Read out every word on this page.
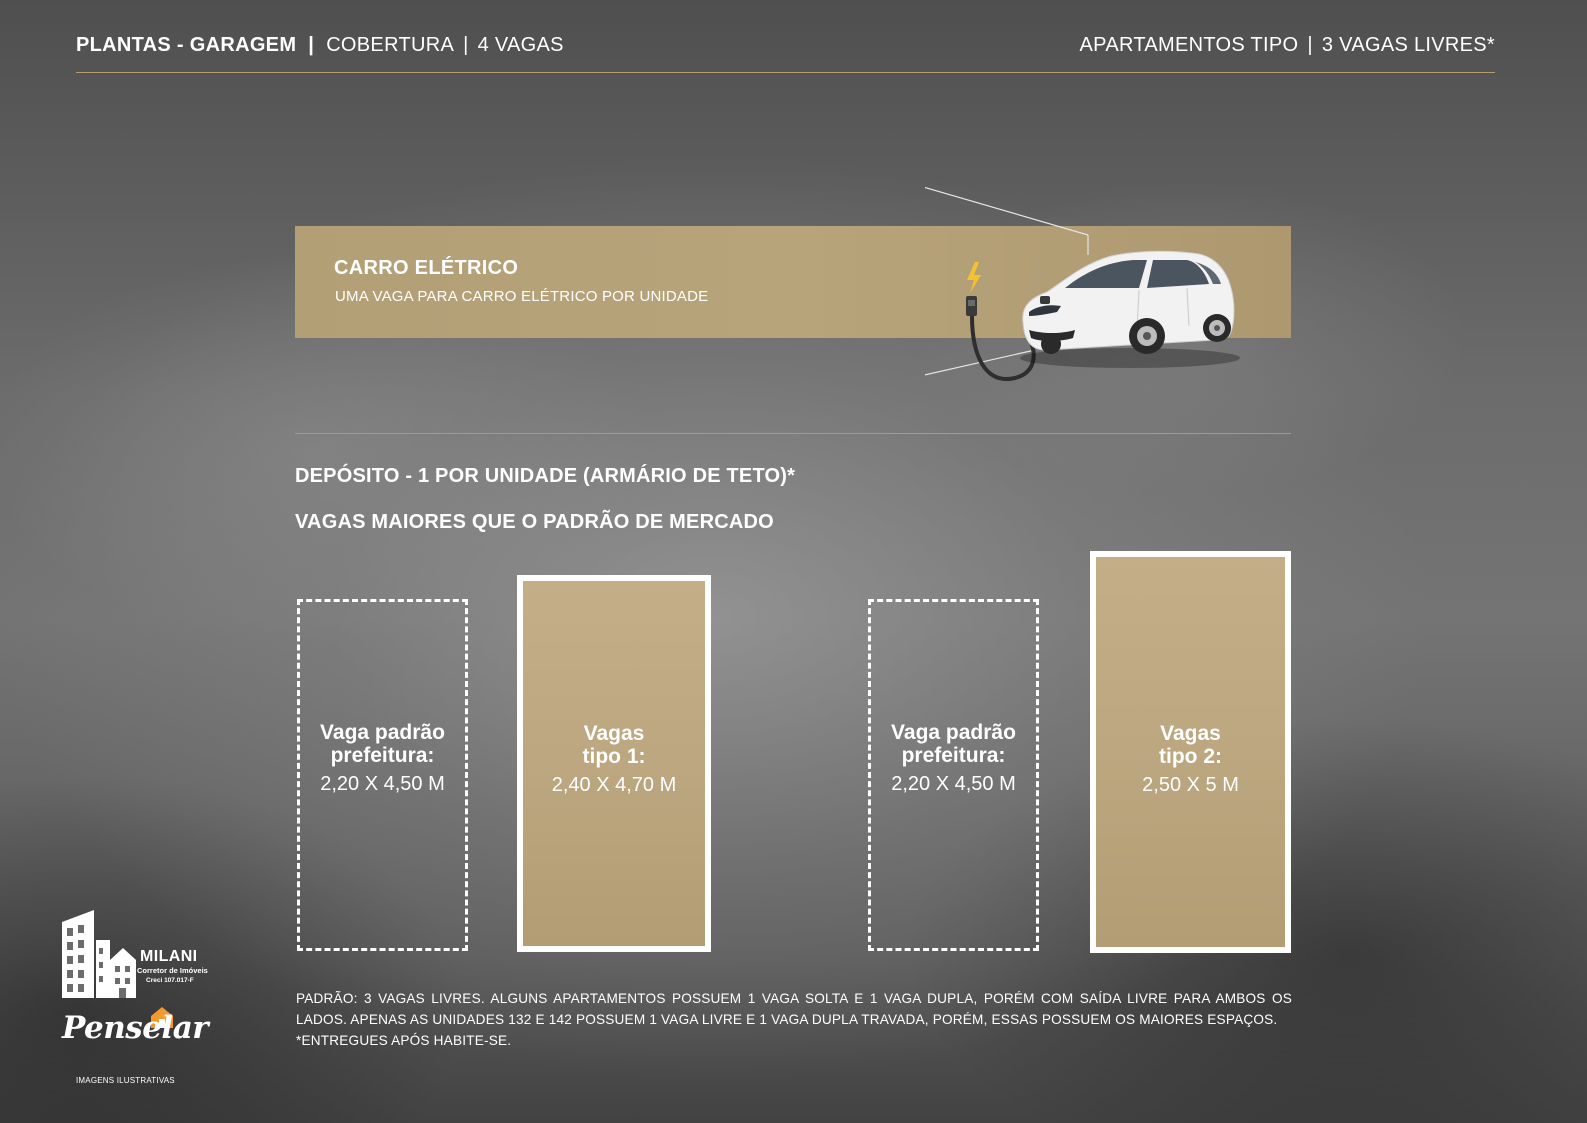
PLANTAS - GARAGEM | COBERTURA | 4 VAGAS	APARTAMENTOS TIPO | 3 VAGAS LIVRES*
CARRO ELÉTRICO
UMA VAGA PARA CARRO ELÉTRICO POR UNIDADE
DEPÓSITO - 1 POR UNIDADE (ARMÁRIO DE TETO)*
VAGAS MAIORES QUE O PADRÃO DE MERCADO
Vaga padrão
prefeitura:
2,20 X 4,50 M
Vagas
tipo 1:
2,40 X 4,70 M
Vaga padrão
prefeitura:
2,20 X 4,50 M
Vagas
tipo 2:
2,50 X 5 M

PADRÃO: 3 VAGAS LIVRES. ALGUNS APARTAMENTOS POSSUEM 1 VAGA SOLTA E 1 VAGA DUPLA, PORÉM COM SAÍDA LIVRE PARA AMBOS OS LADOS. APENAS AS UNIDADES 132 E 142 POSSUEM 1 VAGA LIVRE E 1 VAGA DUPLA TRAVADA, PORÉM, ESSAS POSSUEM OS MAIORES ESPAÇOS.

*ENTREGUES APÓS HABITE-SE.

IMAGENS ILUSTRATIVAS
MILANI
Corretor de Imóveis
Creci 107.017-F
Penselar
